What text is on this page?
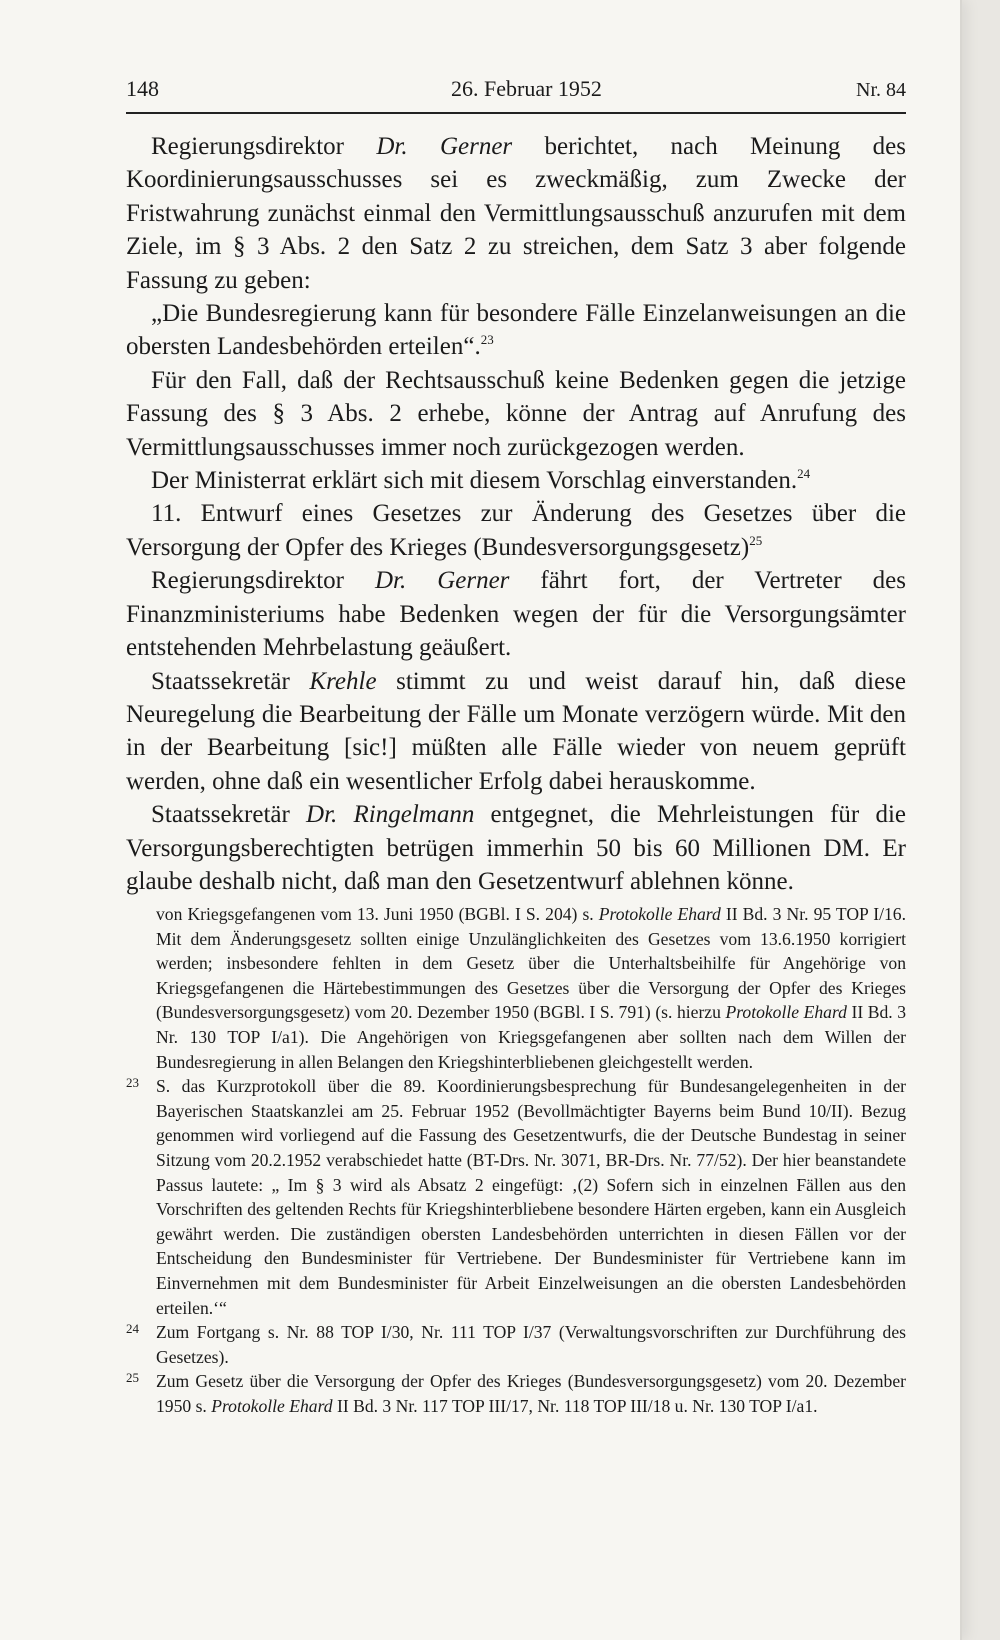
148	26. Februar 1952	Nr. 84

Regierungsdirektor Dr. Gerner berichtet, nach Meinung des Koordinierungsausschusses sei es zweckmäßig, zum Zwecke der Fristwahrung zunächst einmal den Vermittlungsausschuß anzurufen mit dem Ziele, im § 3 Abs. 2 den Satz 2 zu streichen, dem Satz 3 aber folgende Fassung zu geben:

„Die Bundesregierung kann für besondere Fälle Einzelanweisungen an die obersten Landesbehörden erteilen“.$^{23}$

Für den Fall, daß der Rechtsausschuß keine Bedenken gegen die jetzige Fassung des § 3 Abs. 2 erhebe, könne der Antrag auf Anrufung des Vermittlungsausschusses immer noch zurückgezogen werden.

Der Ministerrat erklärt sich mit diesem Vorschlag einverstanden.$^{24}$

11. Entwurf eines Gesetzes zur Änderung des Gesetzes über die Versorgung der Opfer des Krieges (Bundesversorgungsgesetz)$^{25}$

Regierungsdirektor Dr. Gerner fährt fort, der Vertreter des Finanzministeriums habe Bedenken wegen der für die Versorgungsämter entstehenden Mehrbelastung geäußert.

Staatssekretär Krehle stimmt zu und weist darauf hin, daß diese Neuregelung die Bearbeitung der Fälle um Monate verzögern würde. Mit den in der Bearbeitung [sic!] müßten alle Fälle wieder von neuem geprüft werden, ohne daß ein wesentlicher Erfolg dabei herauskomme.

Staatssekretär Dr. Ringelmann entgegnet, die Mehrleistungen für die Versorgungsberechtigten betrügen immerhin 50 bis 60 Millionen DM. Er glaube deshalb nicht, daß man den Gesetzentwurf ablehnen könne.

von Kriegsgefangenen vom 13. Juni 1950 (BGBl. I S. 204) s. Protokolle Ehard II Bd. 3 Nr. 95 TOP I/16. Mit dem Änderungsgesetz sollten einige Unzulänglichkeiten des Gesetzes vom 13.6.1950 korrigiert werden; insbesondere fehlten in dem Gesetz über die Unterhaltsbeihilfe für Angehörige von Kriegsgefangenen die Härtebestimmungen des Gesetzes über die Versorgung der Opfer des Krieges (Bundesversorgungsgesetz) vom 20. Dezember 1950 (BGBl. I S. 791) (s. hierzu Protokolle Ehard II Bd. 3 Nr. 130 TOP I/a1). Die Angehörigen von Kriegsgefangenen aber sollten nach dem Willen der Bundesregierung in allen Belangen den Kriegshinterbliebenen gleichgestellt werden.
23 S. das Kurzprotokoll über die 89. Koordinierungsbesprechung für Bundesangelegenheiten in der Bayerischen Staatskanzlei am 25. Februar 1952 (Bevollmächtigter Bayerns beim Bund 10/II). Bezug genommen wird vorliegend auf die Fassung des Gesetzentwurfs, die der Deutsche Bundestag in seiner Sitzung vom 20.2.1952 verabschiedet hatte (BT-Drs. Nr. 3071, BR-Drs. Nr. 77/52). Der hier beanstandete Passus lautete: „ Im § 3 wird als Absatz 2 eingefügt: ‚(2) Sofern sich in einzelnen Fällen aus den Vorschriften des geltenden Rechts für Kriegshinterbliebene besondere Härten ergeben, kann ein Ausgleich gewährt werden. Die zuständigen obersten Landesbehörden unterrichten in diesen Fällen vor der Entscheidung den Bundesminister für Vertriebene. Der Bundesminister für Vertriebene kann im Einvernehmen mit dem Bundesminister für Arbeit Einzelweisungen an die obersten Landesbehörden erteilen.‘“
24 Zum Fortgang s. Nr. 88 TOP I/30, Nr. 111 TOP I/37 (Verwaltungsvorschriften zur Durchführung des Gesetzes).
25 Zum Gesetz über die Versorgung der Opfer des Krieges (Bundesversorgungsgesetz) vom 20. Dezember 1950 s. Protokolle Ehard II Bd. 3 Nr. 117 TOP III/17, Nr. 118 TOP III/18 u. Nr. 130 TOP I/a1.
